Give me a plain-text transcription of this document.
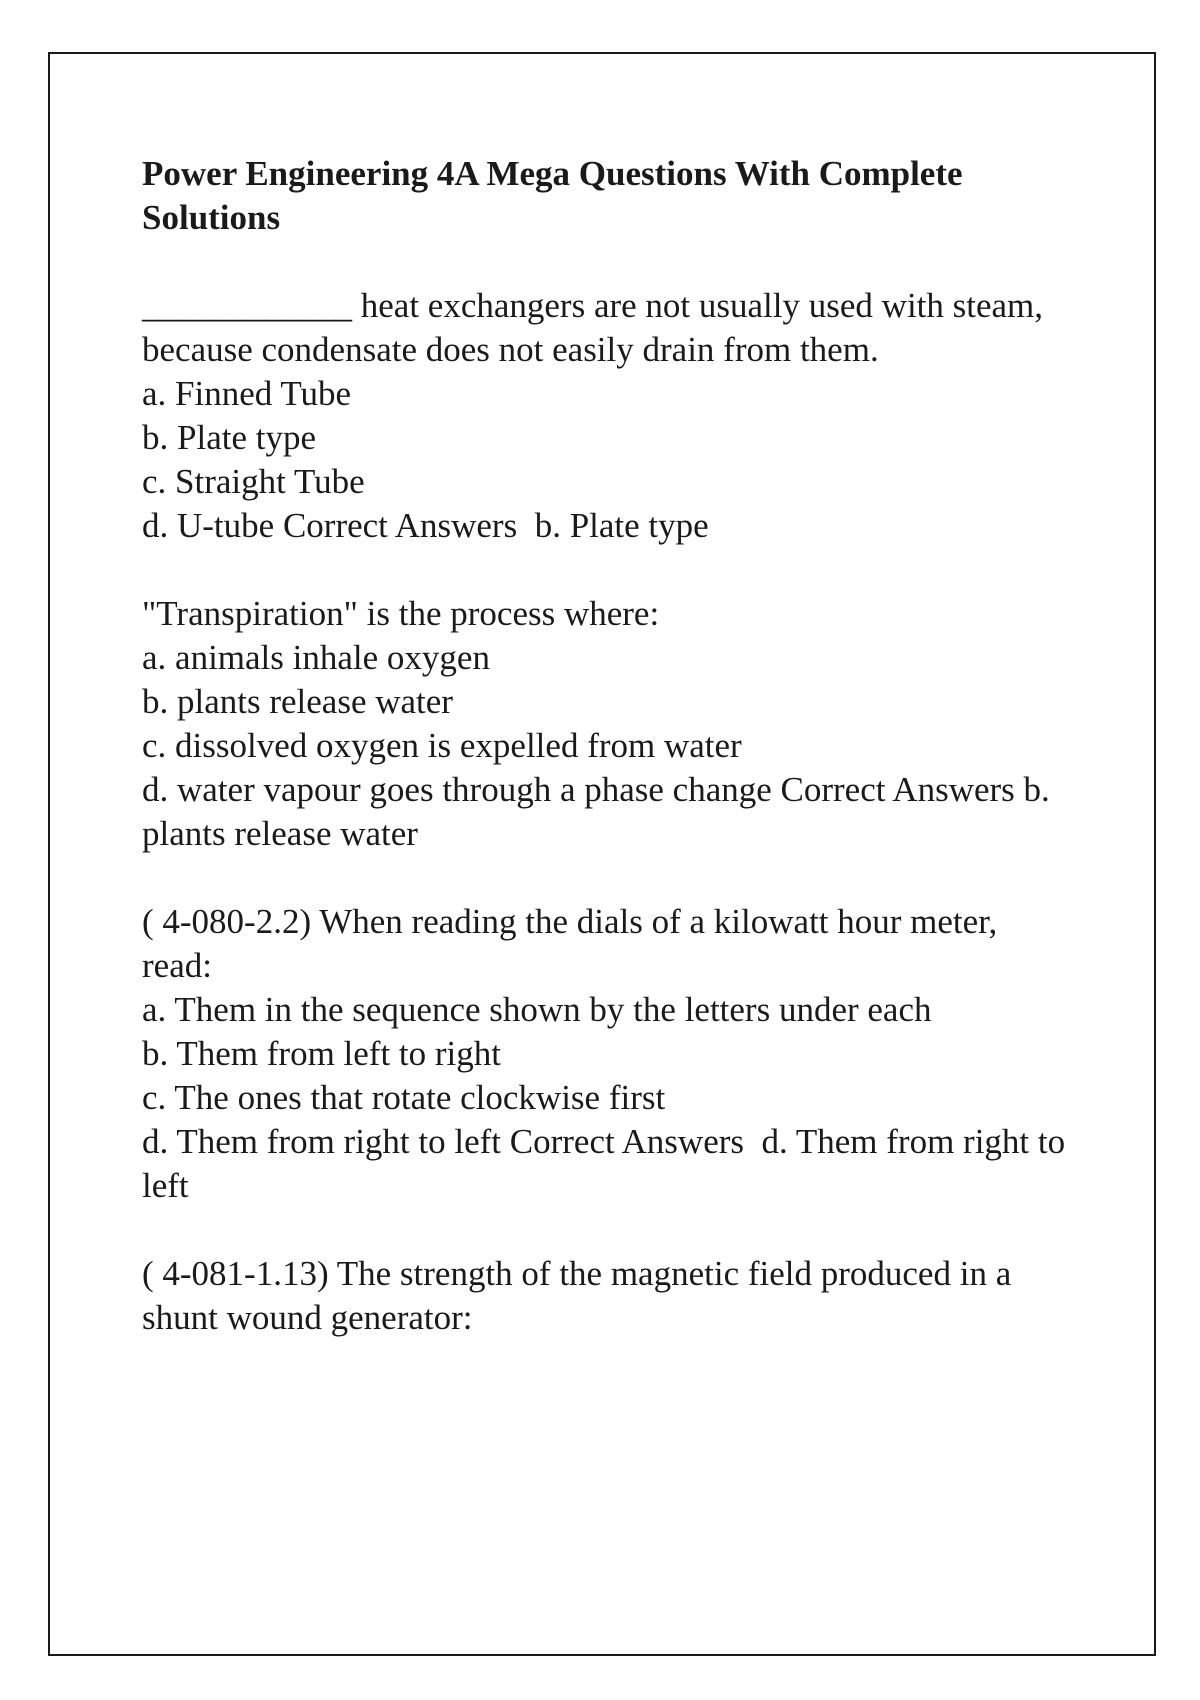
Power Engineering 4A Mega Questions With Complete Solutions

____________ heat exchangers are not usually used with steam, because condensate does not easily drain from them.

a. Finned Tube

b. Plate type

c. Straight Tube

d. U-tube Correct Answers  b. Plate type

"Transpiration" is the process where:

a. animals inhale oxygen

b. plants release water

c. dissolved oxygen is expelled from water

d. water vapour goes through a phase change Correct Answers b. plants release water

( 4-080-2.2) When reading the dials of a kilowatt hour meter, read:

a. Them in the sequence shown by the letters under each

b. Them from left to right

c. The ones that rotate clockwise first

d. Them from right to left Correct Answers  d. Them from right to left

( 4-081-1.13) The strength of the magnetic field produced in a shunt wound generator:
